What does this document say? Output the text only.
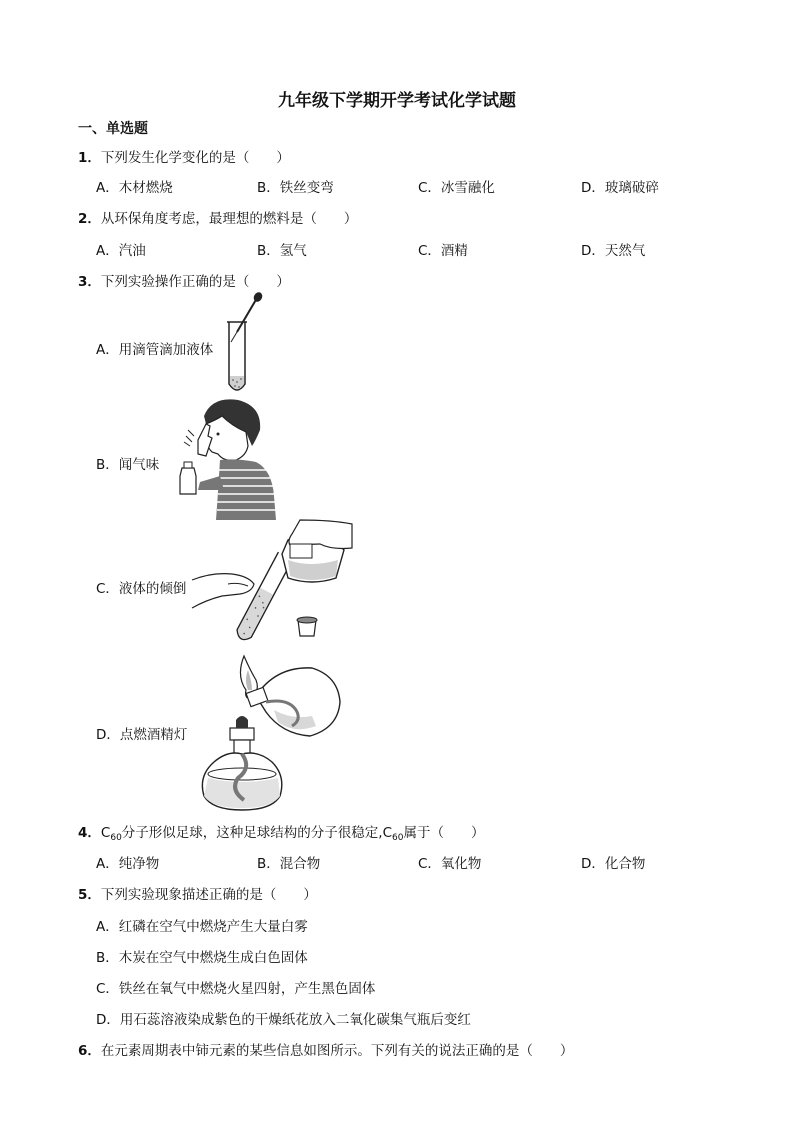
九年级下学期开学考试化学试题
一、单选题
1．下列发生化学变化的是（　　）
A．木材燃烧	B．铁丝变弯	C．冰雪融化	D．玻璃破碎
2．从环保角度考虑，最理想的燃料是（　　）
A．汽油	B．氢气	C．酒精	D．天然气
3．下列实验操作正确的是（　　）
A．用滴管滴加液体
B．闻气味
C．液体的倾倒
D．点燃酒精灯
4．$C_{60}$分子形似足球，这种足球结构的分子很稳定$,C_{60}$属于（　　）
A．纯净物	B．混合物	C．氧化物	D．化合物
5．下列实验现象描述正确的是（　　）
A．红磷在空气中燃烧产生大量白雾
B．木炭在空气中燃烧生成白色固体
C．铁丝在氧气中燃烧火星四射，产生黑色固体
D．用石蕊溶液染成紫色的干燥纸花放入二氧化碳集气瓶后变红
6．在元素周期表中铈元素的某些信息如图所示。下列有关的说法正确的是（　　）
